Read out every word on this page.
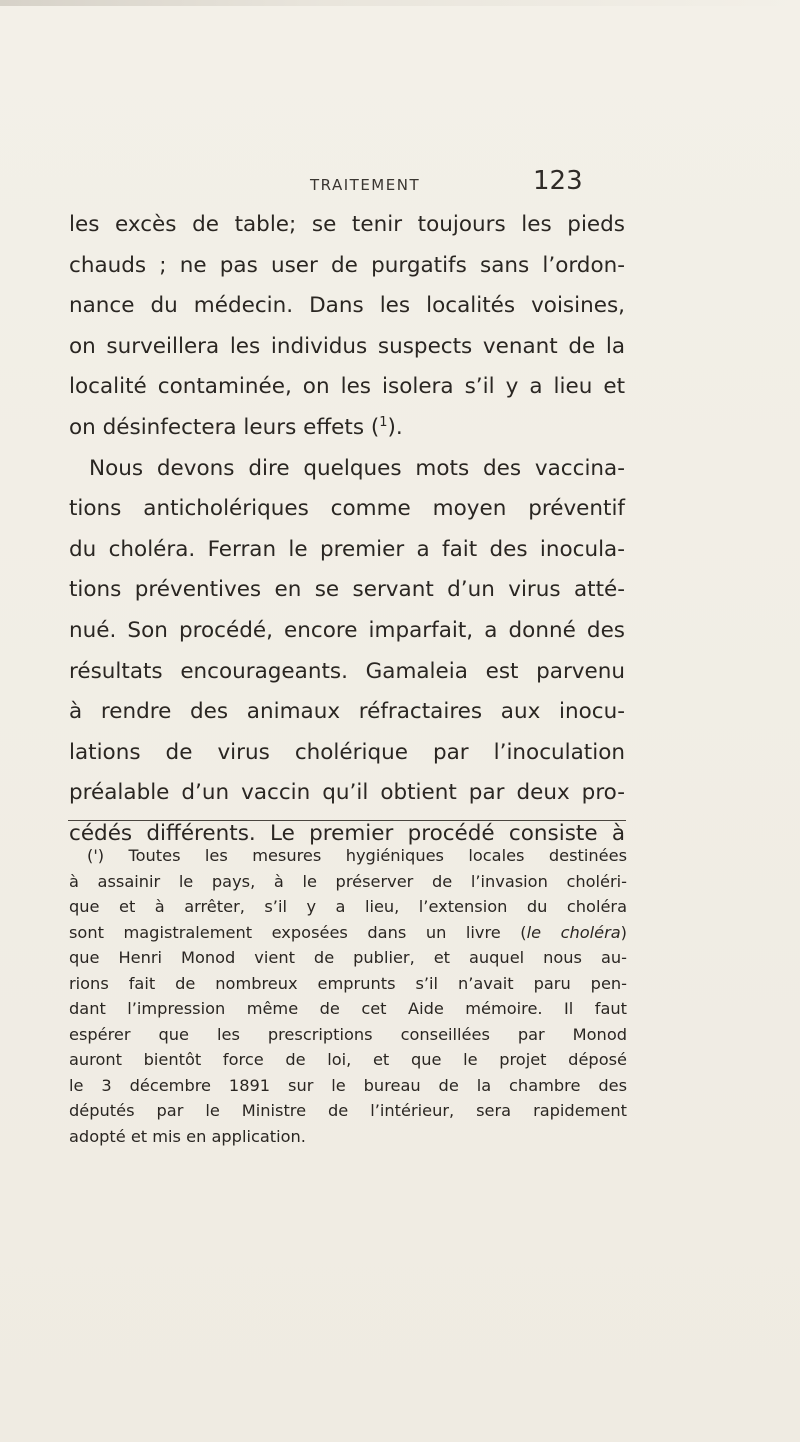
TRAITEMENT	123
les excès de table; se tenir toujours les pieds
chauds ; ne pas user de purgatifs sans l’ordon-
nance du médecin. Dans les localités voisines,
on surveillera les individus suspects venant de la
localité contaminée, on les isolera s’il y a lieu et
on désinfectera leurs effets ($^1$).
Nous devons dire quelques mots des vaccina-
tions anticholériques comme moyen préventif
du choléra. Ferran le premier a fait des inocula-
tions préventives en se servant d’un virus atté-
nué. Son procédé, encore imparfait, a donné des
résultats encourageants. Gamaleia est parvenu
à rendre des animaux réfractaires aux inocu-
lations de virus cholérique par l’inoculation
préalable d’un vaccin qu’il obtient par deux pro-
cédés différents. Le premier procédé consiste à
(') Toutes les mesures hygiéniques locales destinées
à assainir le pays, à le préserver de l’invasion choléri-
que et à arrêter, s’il y a lieu, l’extension du choléra
sont magistralement exposées dans un livre (le choléra)
que Henri Monod vient de publier, et auquel nous au-
rions fait de nombreux emprunts s’il n’avait paru pen-
dant l’impression même de cet Aide mémoire. Il faut
espérer que les prescriptions conseillées par Monod
auront bientôt force de loi, et que le projet déposé
le 3 décembre 1891 sur le bureau de la chambre des
députés par le Ministre de l’intérieur, sera rapidement
adopté et mis en application.
